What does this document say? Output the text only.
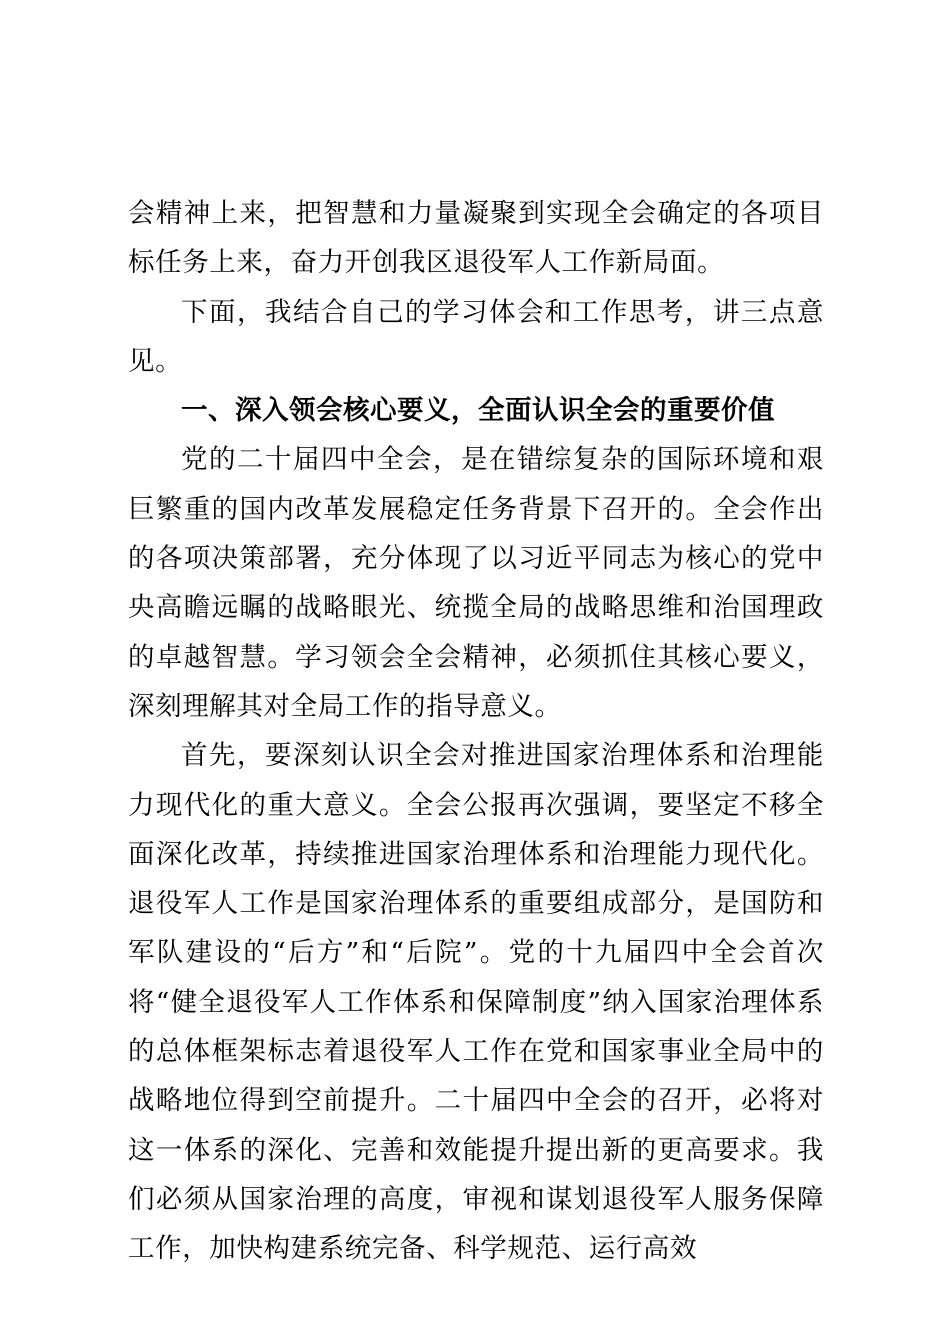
会精神上来，把智慧和力量凝聚到实现全会确定的各项目标任务上来，奋力开创我区退役军人工作新局面。

下面，我结合自己的学习体会和工作思考，讲三点意见。

一、深入领会核心要义，全面认识全会的重要价值

党的二十届四中全会，是在错综复杂的国际环境和艰巨繁重的国内改革发展稳定任务背景下召开的。全会作出的各项决策部署，充分体现了以习近平同志为核心的党中央高瞻远瞩的战略眼光、统揽全局的战略思维和治国理政的卓越智慧。学习领会全会精神，必须抓住其核心要义，深刻理解其对全局工作的指导意义。

首先，要深刻认识全会对推进国家治理体系和治理能力现代化的重大意义。全会公报再次强调，要坚定不移全面深化改革，持续推进国家治理体系和治理能力现代化。退役军人工作是国家治理体系的重要组成部分，是国防和军队建设的“后方”和“后院”。党的十九届四中全会首次将“健全退役军人工作体系和保障制度”纳入国家治理体系的总体框架标志着退役军人工作在党和国家事业全局中的战略地位得到空前提升。二十届四中全会的召开，必将对这一体系的深化、完善和效能提升提出新的更高要求。我们必须从国家治理的高度，审视和谋划退役军人服务保障工作，加快构建系统完备、科学规范、运行高效
